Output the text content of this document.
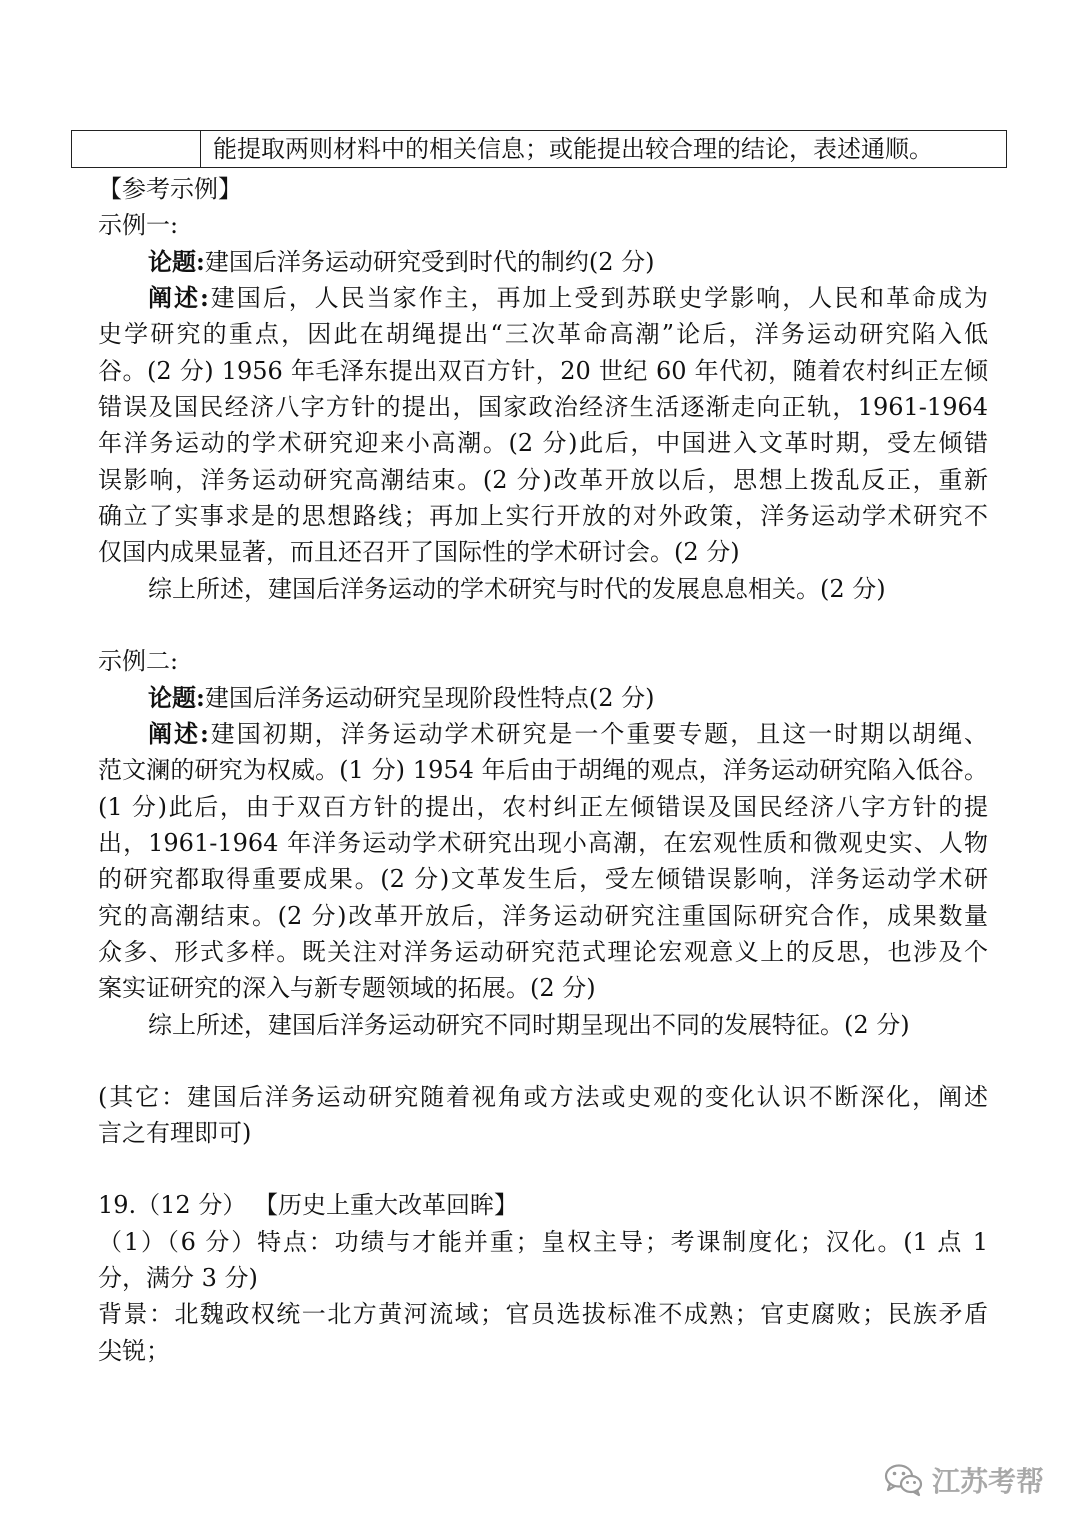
能提取两则材料中的相关信息；或能提出较合理的结论，表述通顺。
【参考示例】
示例一:
论题:建国后洋务运动研究受到时代的制约(2 分)
阐述:建国后，人民当家作主，再加上受到苏联史学影响，人民和革命成为
史学研究的重点，因此在胡绳提出“三次革命高潮”论后，洋务运动研究陷入低
谷。(2 分) 1956 年毛泽东提出双百方针，20 世纪 60 年代初，随着农村纠正左倾
错误及国民经济八字方针的提出，国家政治经济生活逐渐走向正轨，1961-1964
年洋务运动的学术研究迎来小高潮。(2 分)此后，中国进入文革时期，受左倾错
误影响，洋务运动研究高潮结束。(2 分)改革开放以后，思想上拨乱反正，重新
确立了实事求是的思想路线；再加上实行开放的对外政策，洋务运动学术研究不
仅国内成果显著，而且还召开了国际性的学术研讨会。(2 分)
综上所述，建国后洋务运动的学术研究与时代的发展息息相关。(2 分)
示例二:
论题:建国后洋务运动研究呈现阶段性特点(2 分)
阐述:建国初期，洋务运动学术研究是一个重要专题，且这一时期以胡绳、
范文澜的研究为权威。(1 分) 1954 年后由于胡绳的观点，洋务运动研究陷入低谷。
(1 分)此后，由于双百方针的提出，农村纠正左倾错误及国民经济八字方针的提
出，1961-1964 年洋务运动学术研究出现小高潮，在宏观性质和微观史实、人物
的研究都取得重要成果。(2 分)文革发生后，受左倾错误影响，洋务运动学术研
究的高潮结束。(2 分)改革开放后，洋务运动研究注重国际研究合作，成果数量
众多、形式多样。既关注对洋务运动研究范式理论宏观意义上的反思，也涉及个
案实证研究的深入与新专题领域的拓展。(2 分)
综上所述，建国后洋务运动研究不同时期呈现出不同的发展特征。(2 分)
(其它：建国后洋务运动研究随着视角或方法或史观的变化认识不断深化，阐述
言之有理即可)
19.（12 分） 【历史上重大改革回眸】
（1）（6 分）特点：功绩与才能并重；皇权主导；考课制度化；汉化。(1 点 1
分，满分 3 分)
背景：北魏政权统一北方黄河流域；官员选拔标准不成熟；官吏腐败；民族矛盾
尖锐；
江苏考帮
